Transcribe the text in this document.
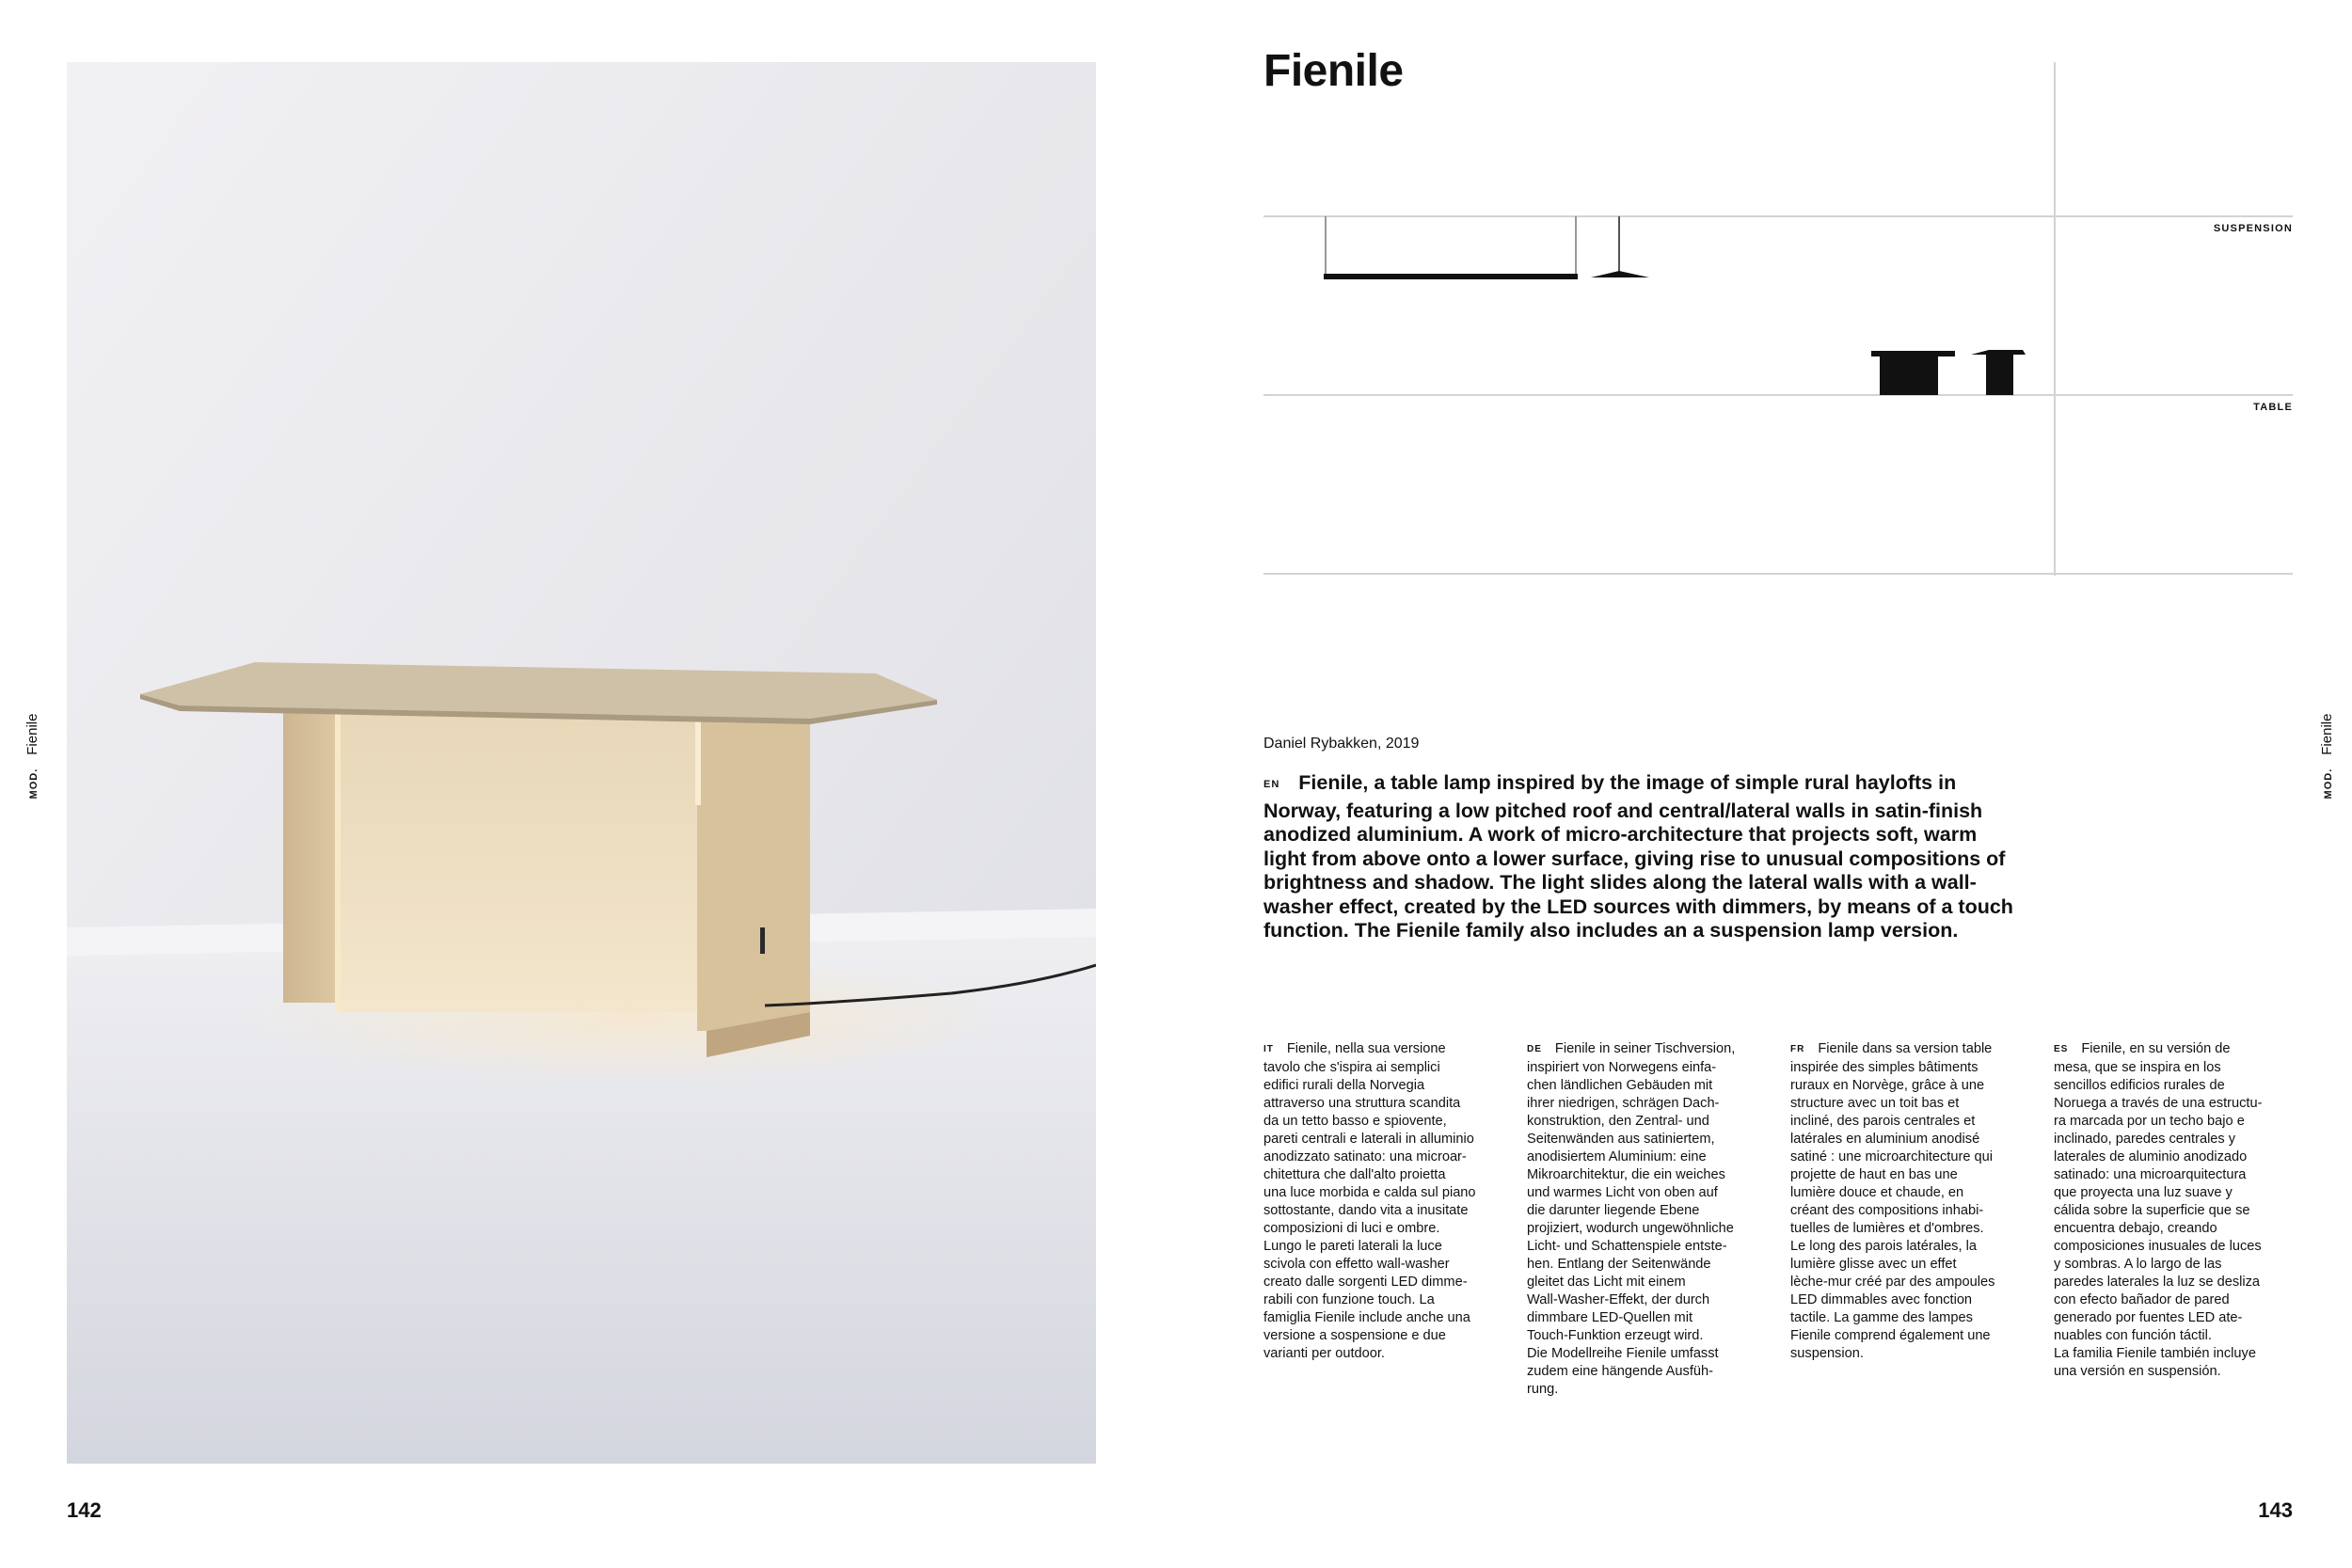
MOD.Fienile
142
Fienile
SUSPENSION
TABLE
Daniel Rybakken, 2019
EN Fienile, a table lamp inspired by the image of simple rural haylofts in Norway, featuring a low pitched roof and central/lateral walls in satin-finish anodized aluminium. A work of micro-architecture that projects soft, warm light from above onto a lower surface, giving rise to unusual compositions of brightness and shadow. The light slides along the lateral walls with a wall-washer effect, created by the LED sources with dimmers, by means of a touch function. The Fienile family also includes an a suspension lamp version.
IT Fienile, nella sua versione
tavolo che s'ispira ai semplici
edifici rurali della Norvegia
attraverso una struttura scandita
da un tetto basso e spiovente,
pareti centrali e laterali in alluminio
anodizzato satinato: una microar-
chitettura che dall'alto proietta
una luce morbida e calda sul piano
sottostante, dando vita a inusitate
composizioni di luci e ombre.
Lungo le pareti laterali la luce
scivola con effetto wall-washer
creato dalle sorgenti LED dimme-
rabili con funzione touch. La
famiglia Fienile include anche una
versione a sospensione e due
varianti per outdoor.
DE Fienile in seiner Tischversion,
inspiriert von Norwegens einfa-
chen ländlichen Gebäuden mit
ihrer niedrigen, schrägen Dach-
konstruktion, den Zentral- und
Seitenwänden aus satiniertem,
anodisiertem Aluminium: eine
Mikroarchitektur, die ein weiches
und warmes Licht von oben auf
die darunter liegende Ebene
projiziert, wodurch ungewöhnliche
Licht- und Schattenspiele entste-
hen. Entlang der Seitenwände
gleitet das Licht mit einem
Wall-Washer-Effekt, der durch
dimmbare LED-Quellen mit
Touch-Funktion erzeugt wird.
Die Modellreihe Fienile umfasst
zudem eine hängende Ausfüh-
rung.
FR Fienile dans sa version table
inspirée des simples bâtiments
ruraux en Norvège, grâce à une
structure avec un toit bas et
incliné, des parois centrales et
latérales en aluminium anodisé
satiné : une microarchitecture qui
projette de haut en bas une
lumière douce et chaude, en
créant des compositions inhabi-
tuelles de lumières et d'ombres.
Le long des parois latérales, la
lumière glisse avec un effet
lèche-mur créé par des ampoules
LED dimmables avec fonction
tactile. La gamme des lampes
Fienile comprend également une
suspension.
ES Fienile, en su versión de
mesa, que se inspira en los
sencillos edificios rurales de
Noruega a través de una estructu-
ra marcada por un techo bajo e
inclinado, paredes centrales y
laterales de aluminio anodizado
satinado: una microarquitectura
que proyecta una luz suave y
cálida sobre la superficie que se
encuentra debajo, creando
composiciones inusuales de luces
y sombras. A lo largo de las
paredes laterales la luz se desliza
con efecto bañador de pared
generado por fuentes LED ate-
nuables con función táctil.
La familia Fienile también incluye
una versión en suspensión.
MOD.Fienile
143
